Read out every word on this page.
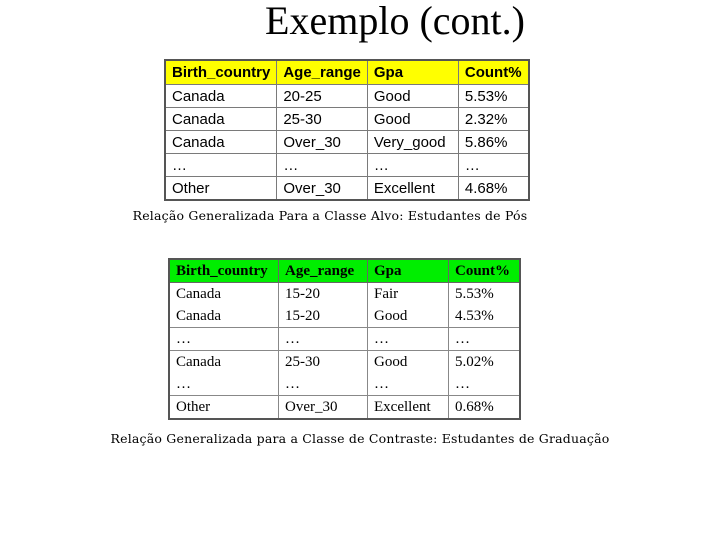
Exemplo (cont.)
Birth_country	Age_range	Gpa	Count%
Canada	20-25	Good	5.53%
Canada	25-30	Good	2.32%
Canada	Over_30	Very_good	5.86%
…	…	…	…
Other	Over_30	Excellent	4.68%
Relação Generalizada Para a Classe Alvo: Estudantes de Pós
Birth_country	Age_range	Gpa	Count%
Canada	15-20	Fair	5.53%
Canada	15-20	Good	4.53%
…	…	…	…
Canada	25-30	Good	5.02%
…	…	…	…
Other	Over_30	Excellent	0.68%
Relação Generalizada para a Classe de Contraste: Estudantes de Graduação
